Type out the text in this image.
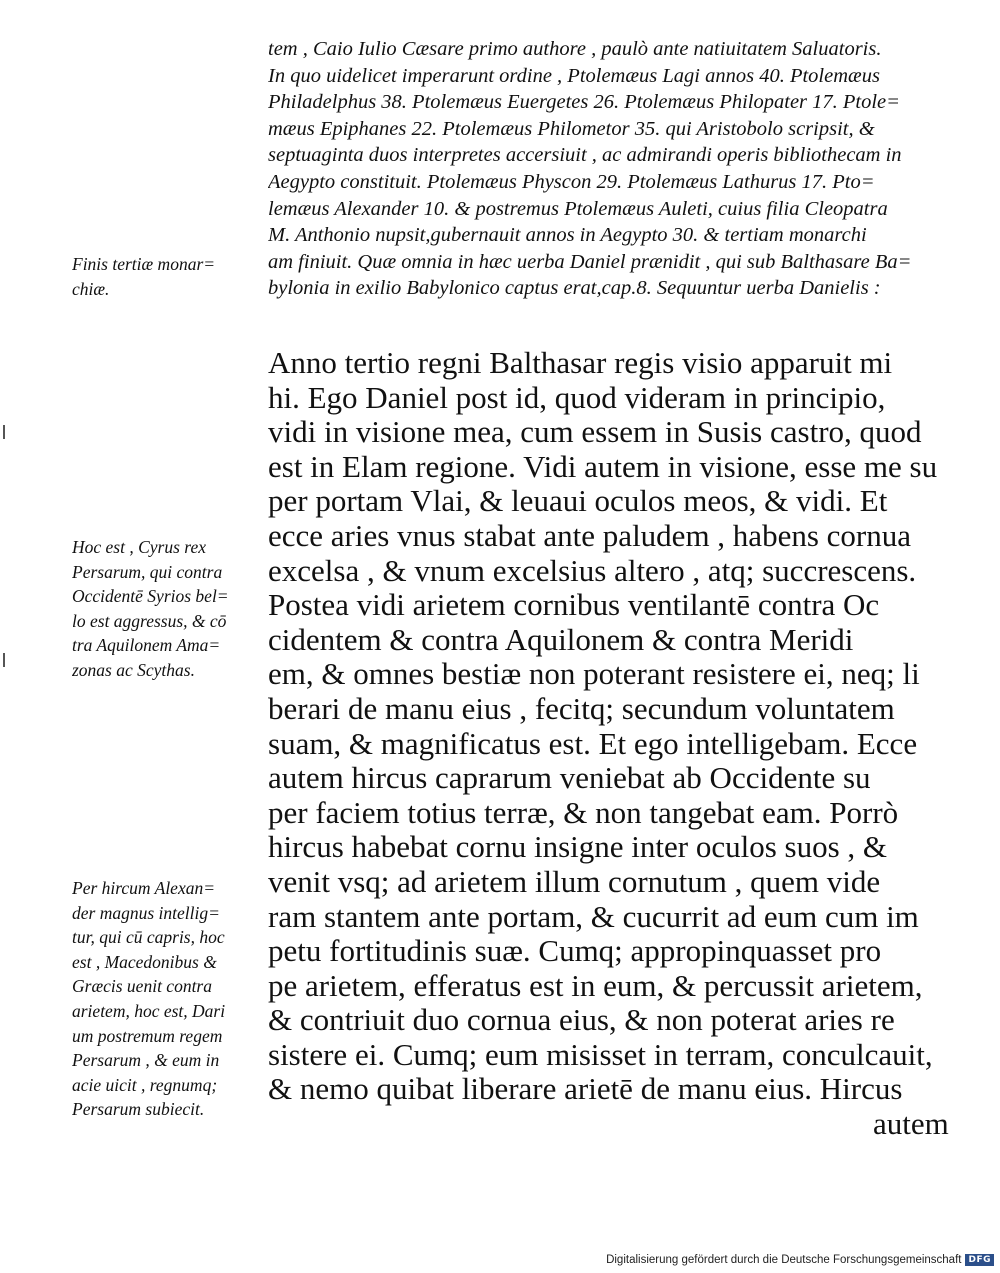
tem , Caio Iulio Cæsare primo authore , paulò ante natiuitatem Saluatoris.
In quo uidelicet imperarunt ordine , Ptolemæus Lagi annos 40. Ptolemæus
Philadelphus 38. Ptolemæus Euergetes 26. Ptolemæus Philopater 17. Ptole=
mæus Epiphanes 22. Ptolemæus Philometor 35. qui Aristobolo scripsit, &
septuaginta duos interpretes accersiuit , ac admirandi operis bibliothecam in
Aegypto constituit. Ptolemæus Physcon 29. Ptolemæus Lathurus 17. Pto=
lemæus Alexander 10. & postremus Ptolemæus Auleti, cuius filia Cleopatra
M. Anthonio nupsit,gubernauit annos in Aegypto 30. & tertiam monarchi
am finiuit. Quæ omnia in hæc uerba Daniel prænidit , qui sub Balthasare Ba=
bylonia in exilio Babylonico captus erat,cap.8. Sequuntur uerba Danielis :
Anno tertio regni Balthasar regis visio apparuit mi
hi. Ego Daniel post id, quod videram in principio,
vidi in visione mea, cum essem in Susis castro, quod
est in Elam regione. Vidi autem in visione, esse me su
per portam Vlai, & leuaui oculos meos, & vidi. Et
ecce aries vnus stabat ante paludem , habens cornua
excelsa , & vnum excelsius altero , atq; succrescens.
Postea vidi arietem cornibus ventilantē contra Oc
cidentem & contra Aquilonem & contra Meridi
em, & omnes bestiæ non poterant resistere ei, neq; li
berari de manu eius , fecitq; secundum voluntatem
suam, & magnificatus est. Et ego intelligebam. Ecce
autem hircus caprarum veniebat ab Occidente su
per faciem totius terræ, & non tangebat eam. Porrò
hircus habebat cornu insigne inter oculos suos , &
venit vsq; ad arietem illum cornutum , quem vide
ram stantem ante portam, & cucurrit ad eum cum im
petu fortitudinis suæ. Cumq; appropinquasset pro
pe arietem, efferatus est in eum, & percussit arietem,
& contriuit duo cornua eius, & non poterat aries re
sistere ei. Cumq; eum misisset in terram, conculcauit,
& nemo quibat liberare arietē de manu eius. Hircus
autem
Finis tertiæ monar=
chiæ.
Hoc est , Cyrus rex
Persarum, qui contra
Occidentē Syrios bel=
lo est aggressus, & cō
tra Aquilonem Ama=
zonas ac Scythas.
Per hircum Alexan=
der magnus intellig=
tur, qui cū capris, hoc
est , Macedonibus &
Græcis uenit contra
arietem, hoc est, Dari
um postremum regem
Persarum , & eum in
acie uicit , regnumq;
Persarum subiecit.
Digitalisierung gefördert durch die Deutsche Forschungsgemeinschaft DFG
